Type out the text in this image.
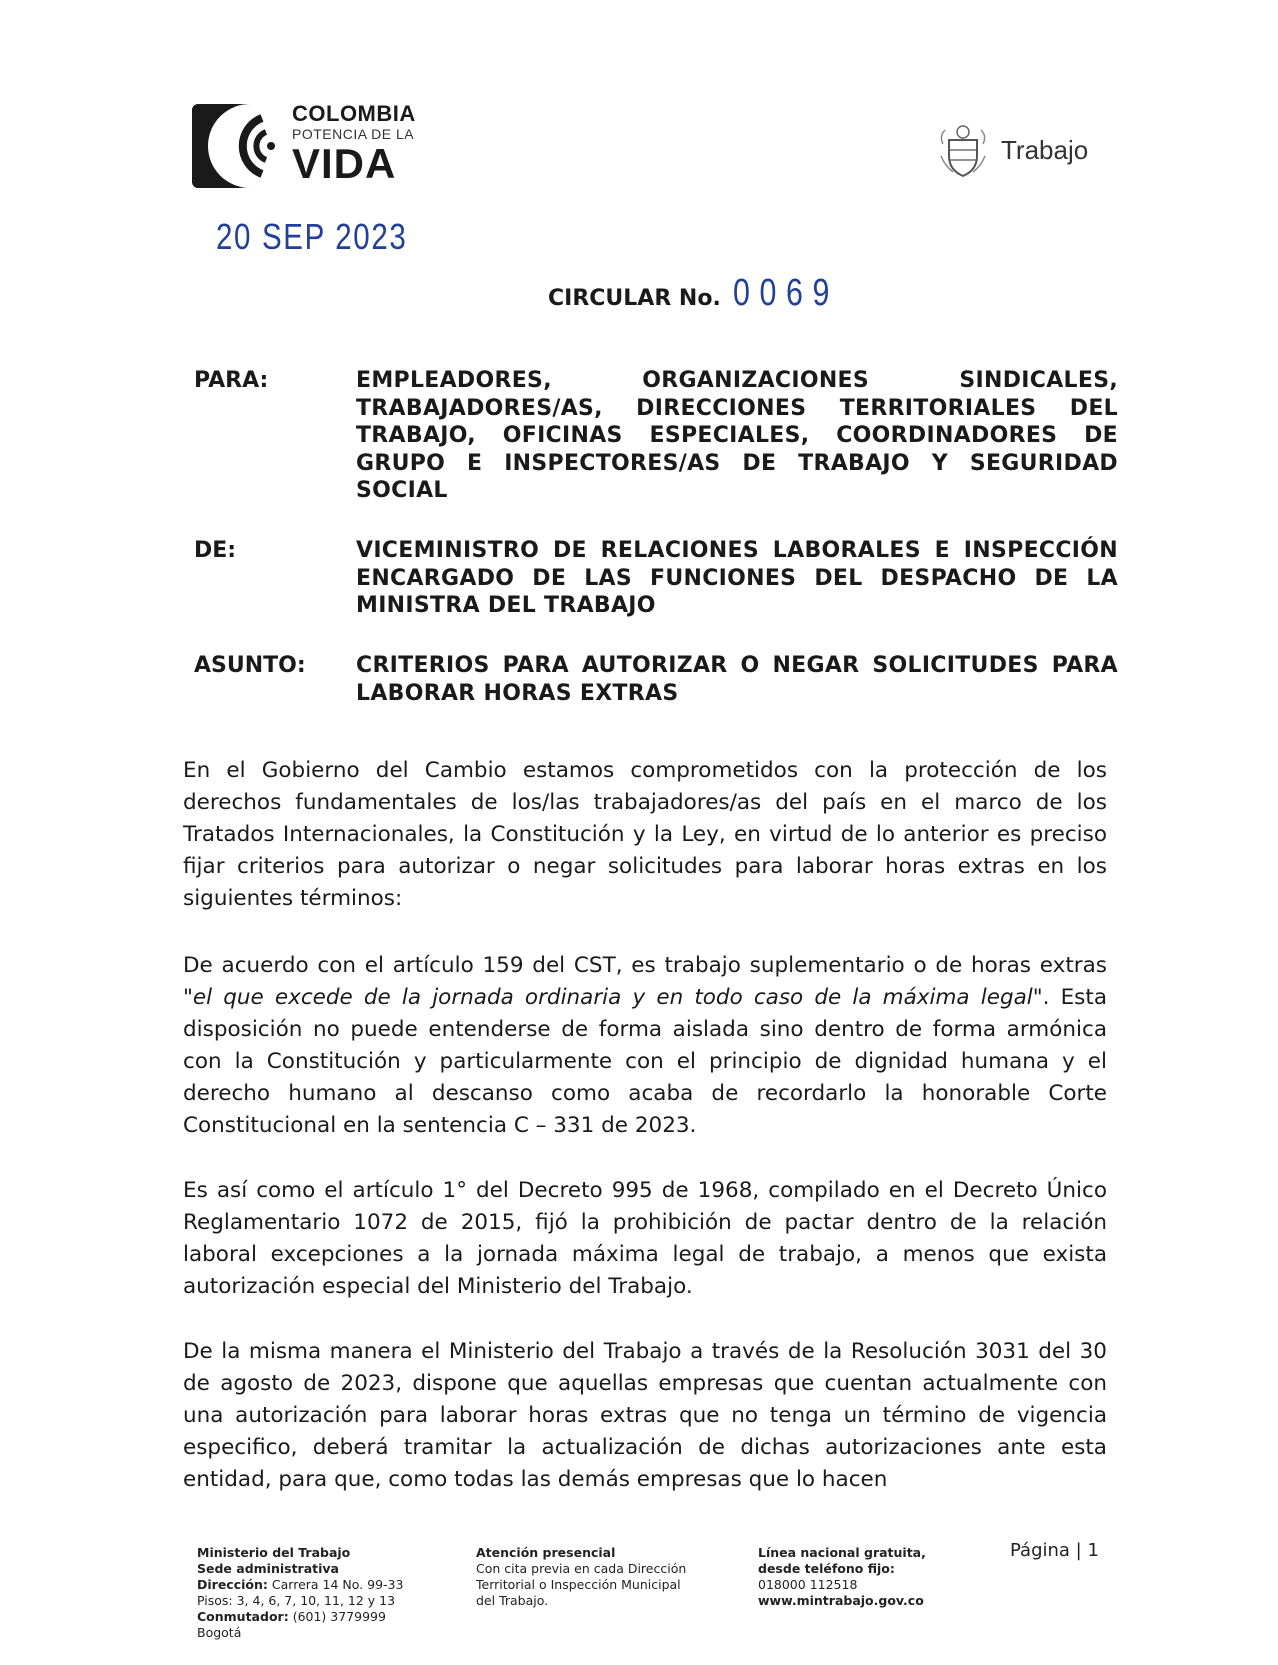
COLOMBIA
POTENCIA DE LA
VIDA	Trabajo
20 SEP 2023
CIRCULAR No. 0069
PARA:	EMPLEADORES, ORGANIZACIONES SINDICALES, TRABAJADORES/AS, DIRECCIONES TERRITORIALES DEL TRABAJO, OFICINAS ESPECIALES, COORDINADORES DE GRUPO E INSPECTORES/AS DE TRABAJO Y SEGURIDAD SOCIAL
DE:	VICEMINISTRO DE RELACIONES LABORALES E INSPECCIÓN ENCARGADO DE LAS FUNCIONES DEL DESPACHO DE LA MINISTRA DEL TRABAJO
ASUNTO: CRITERIOS PARA AUTORIZAR O NEGAR SOLICITUDES PARA LABORAR HORAS EXTRAS

En el Gobierno del Cambio estamos comprometidos con la protección de los derechos fundamentales de los/las trabajadores/as del país en el marco de los Tratados Internacionales, la Constitución y la Ley, en virtud de lo anterior es preciso fijar criterios para autorizar o negar solicitudes para laborar horas extras en los siguientes términos:

De acuerdo con el artículo 159 del CST, es trabajo suplementario o de horas extras "el que excede de la jornada ordinaria y en todo caso de la máxima legal". Esta disposición no puede entenderse de forma aislada sino dentro de forma armónica con la Constitución y particularmente con el principio de dignidad humana y el derecho humano al descanso como acaba de recordarlo la honorable Corte Constitucional en la sentencia C – 331 de 2023.

Es así como el artículo 1° del Decreto 995 de 1968, compilado en el Decreto Único Reglamentario 1072 de 2015, fijó la prohibición de pactar dentro de la relación laboral excepciones a la jornada máxima legal de trabajo, a menos que exista autorización especial del Ministerio del Trabajo.

De la misma manera el Ministerio del Trabajo a través de la Resolución 3031 del 30 de agosto de 2023, dispone que aquellas empresas que cuentan actualmente con una autorización para laborar horas extras que no tenga un término de vigencia especifico, deberá tramitar la actualización de dichas autorizaciones ante esta entidad, para que, como todas las demás empresas que lo hacen

Ministerio del Trabajo
Sede administrativa
Dirección: Carrera 14 No. 99-33
Pisos: 3, 4, 6, 7, 10, 11, 12 y 13
Conmutador: (601) 3779999
Bogotá
Atención presencial
Con cita previa en cada Dirección
Territorial o Inspección Municipal
del Trabajo.
Línea nacional gratuita,
desde teléfono fijo:
018000 112518
www.mintrabajo.gov.co
Página | 1
